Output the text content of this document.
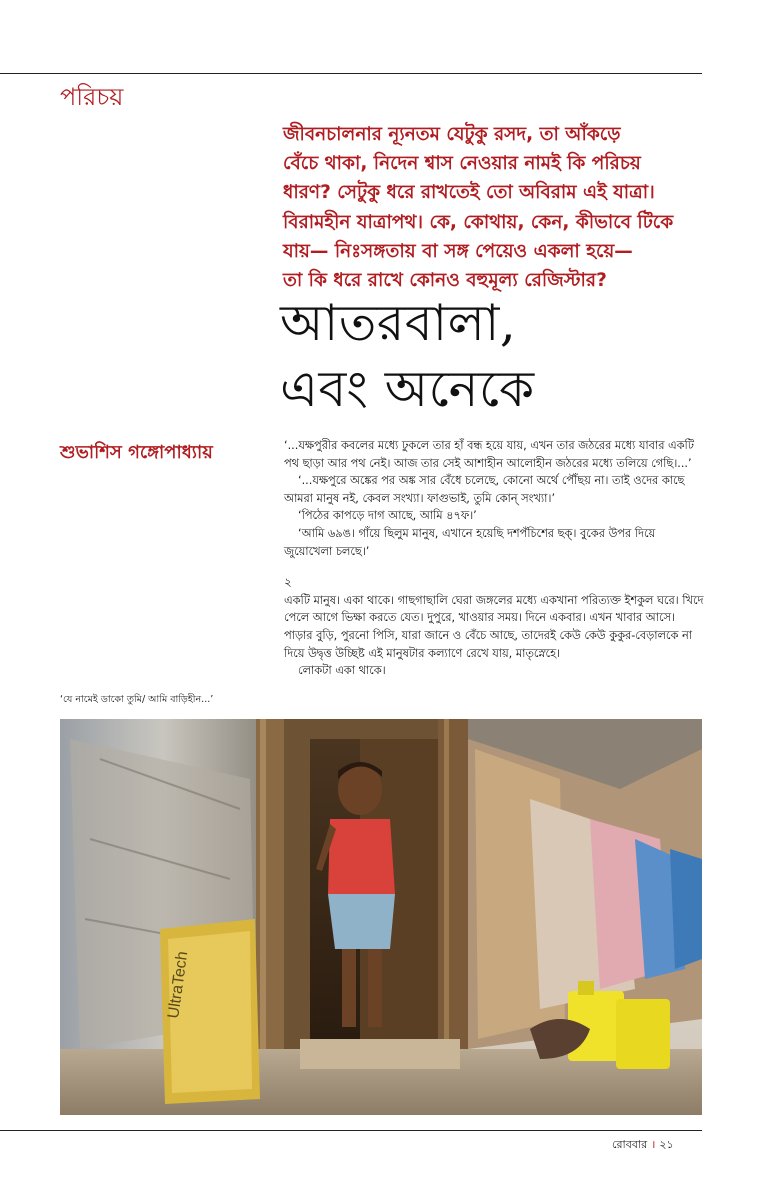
পরিচয়
জীবনচালনার ন্যূনতম যেটুকু রসদ, তা আঁকড়ে
বেঁচে থাকা, নিদেন শ্বাস নেওয়ার নামই কি পরিচয়
ধারণ? সেটুকু ধরে রাখতেই তো অবিরাম এই যাত্রা।
বিরামহীন যাত্রাপথ। কে, কোথায়, কেন, কীভাবে টিকে
যায়— নিঃসঙ্গতায় বা সঙ্গ পেয়েও একলা হয়ে—
তা কি ধরে রাখে কোনও বহুমূল্য রেজিস্টার?
আতরবালা,
এবং অনেকে
শুভাশিস গঙ্গোপাধ্যায়	‘...যক্ষপুরীর কবলের মধ্যে ঢুকলে তার হাঁ বন্ধ হয়ে যায়, এখন তার জঠরের মধ্যে যাবার একটি পথ ছাড়া আর পথ নেই। আজ তার সেই আশাহীন আলোহীন জঠরের মধ্যে তলিয়ে গেছি।...’

‘...যক্ষপুরে অঙ্কের পর অঙ্ক সার বেঁধে চলেছে, কোনো অর্থে পৌঁছয় না। তাই ওদের কাছে আমরা মানুষ নই, কেবল সংখ্যা। ফাগুভাই, তুমি কোন্ সংখ্যা।’

‘পিঠের কাপড়ে দাগ আছে, আমি ৪৭ফ।’

‘আমি ৬৯ঙ। গাঁয়ে ছিলুম মানুষ, এখানে হয়েছি দশপঁচিশের ছক্। বুকের উপর দিয়ে জুয়োখেলা চলছে।’

২

একটি মানুষ। একা থাকে। গাছগাছালি ঘেরা জঙ্গলের মধ্যে একখানা পরিত্যক্ত ইশকুল ঘরে। খিদে পেলে আগে ভিক্ষা করতে যেত। দুপুরে, খাওয়ার সময়। দিনে একবার। এখন খাবার আসে। পাড়ার বুড়ি, পুরনো পিসি, যারা জানে ও বেঁচে আছে, তাদেরই কেউ কেউ কুকুর-বেড়ালকে না দিয়ে উদ্বৃত্ত উচ্ছিষ্ট এই মানুষটার কল্যাণে রেখে যায়, মাতৃস্নেহে।

লোকটা একা থাকে।

‘যে নামেই ডাকো তুমি/ আমি বাড়িহীন...’
UltraTech
রোববার । ২১
